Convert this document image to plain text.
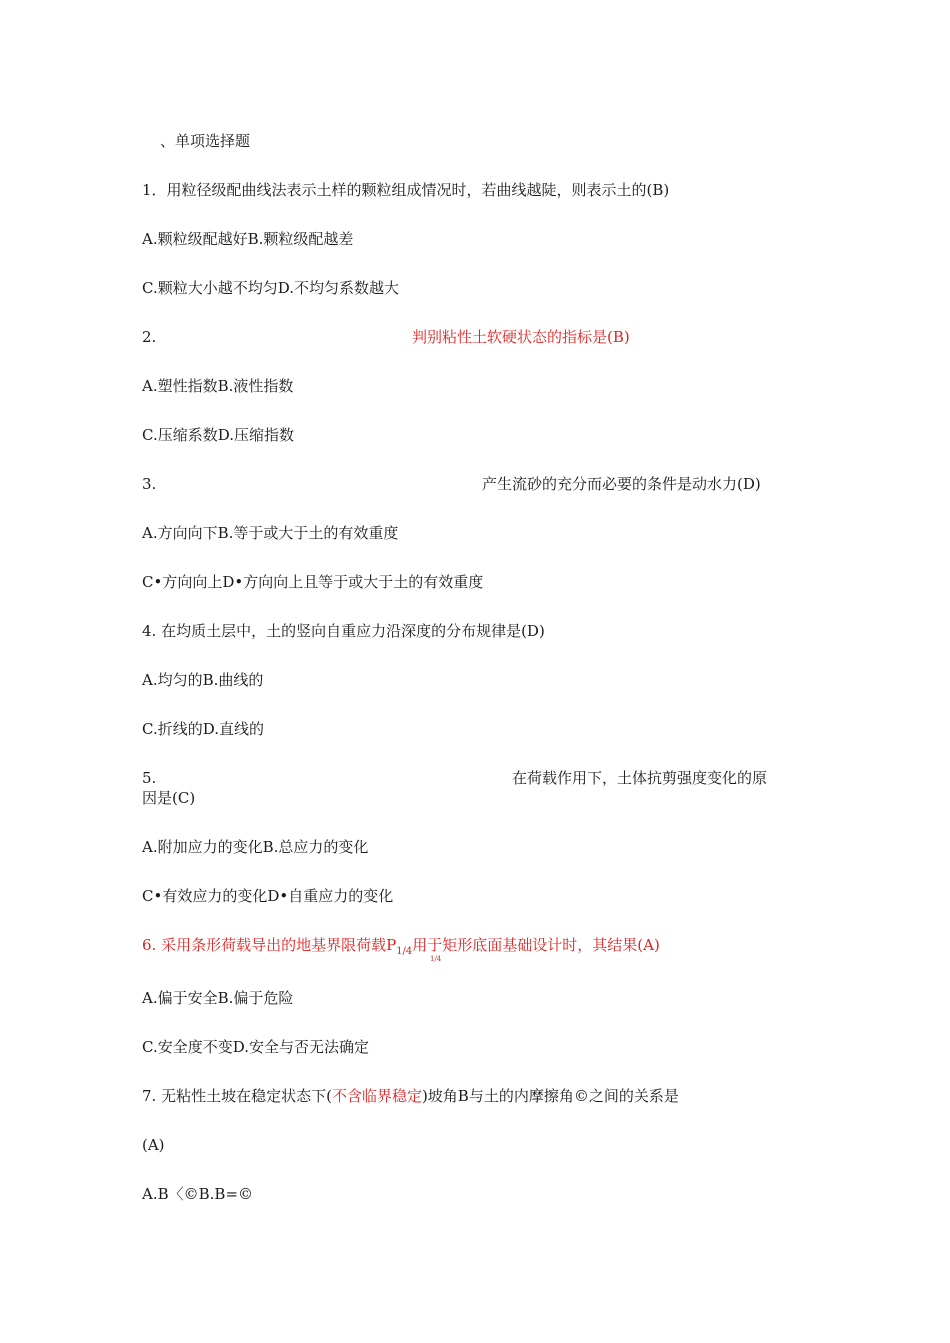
、单项选择题
1．用粒径级配曲线法表示土样的颗粒组成情况时，若曲线越陡，则表示土的(B)
A.颗粒级配越好B.颗粒级配越差
C.颗粒大小越不均匀D.不均匀系数越大
2.	判别粘性土软硬状态的指标是(B)
A.塑性指数B.液性指数
C.压缩系数D.压缩指数
3.	产生流砂的充分而必要的条件是动水力(D)
A.方向向下B.等于或大于土的有效重度
C•方向向上D•方向向上且等于或大于土的有效重度
4. 在均质土层中，土的竖向自重应力沿深度的分布规律是(D)
A.均匀的B.曲线的
C.折线的D.直线的
5.	在荷载作用下，土体抗剪强度变化的原
因是(C)
A.附加应力的变化B.总应力的变化
C•有效应力的变化D•自重应力的变化
6. 采用条形荷载导出的地基界限荷载$P_{1/4}$用于矩形底面基础设计时，其结果(A)
1/4
A.偏于安全B.偏于危险
C.安全度不变D.安全与否无法确定
7. 无粘性土坡在稳定状态下(不含临界稳定)坡角B与土的内摩擦角©之间的关系是
(A)
A.B〈©B.B=©
